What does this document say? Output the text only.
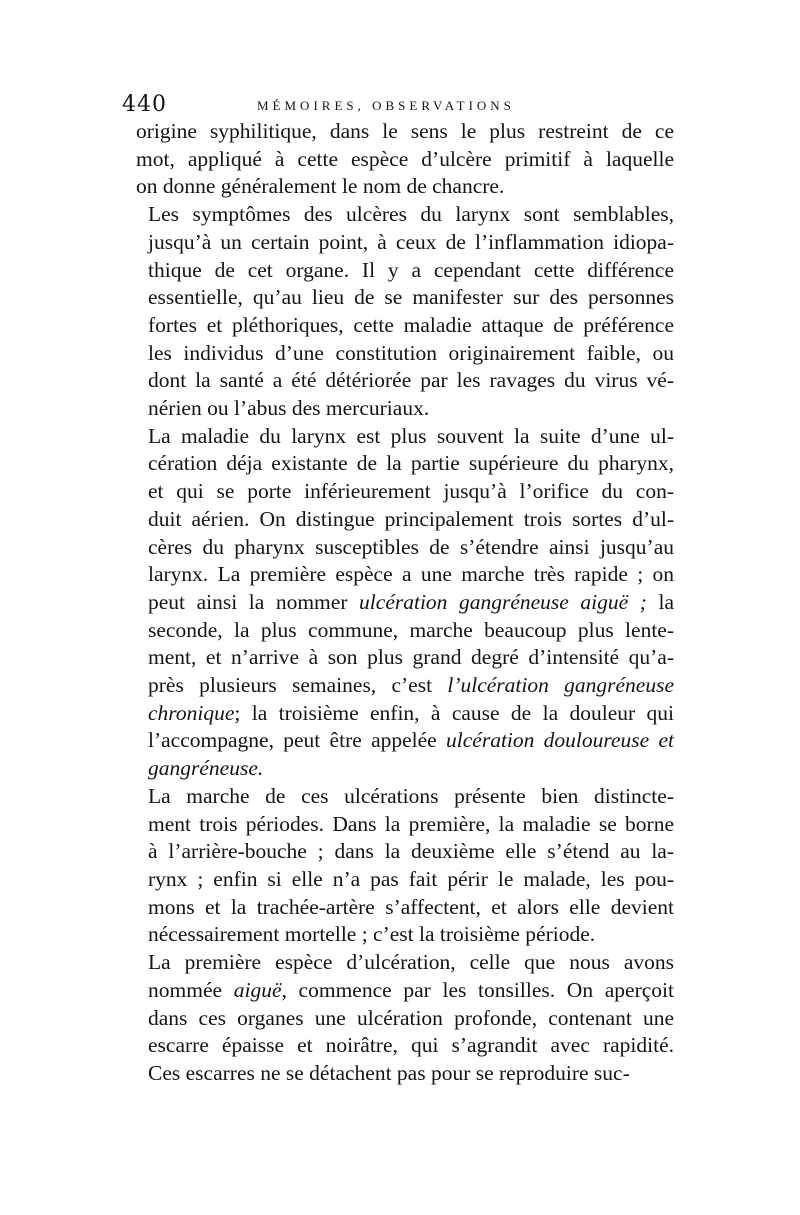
440	MÉMOIRES, OBSERVATIONS

origine syphilitique, dans le sens le plus restreint de ce
mot, appliqué à cette espèce d’ulcère primitif à laquelle
on donne généralement le nom de chancre.

Les symptômes des ulcères du larynx sont semblables,
jusqu’à un certain point, à ceux de l’inflammation idiopa-
thique de cet organe. Il y a cependant cette différence
essentielle, qu’au lieu de se manifester sur des personnes
fortes et pléthoriques, cette maladie attaque de préférence
les individus d’une constitution originairement faible, ou
dont la santé a été détériorée par les ravages du virus vé-
nérien ou l’abus des mercuriaux.

La maladie du larynx est plus souvent la suite d’une ul-
cération déja existante de la partie supérieure du pharynx,
et qui se porte inférieurement jusqu’à l’orifice du con-
duit aérien. On distingue principalement trois sortes d’ul-
cères du pharynx susceptibles de s’étendre ainsi jusqu’au
larynx. La première espèce a une marche très rapide ; on
peut ainsi la nommer ulcération gangréneuse aiguë ; la
seconde, la plus commune, marche beaucoup plus lente-
ment, et n’arrive à son plus grand degré d’intensité qu’a-
près plusieurs semaines, c’est l’ulcération gangréneuse
chronique; la troisième enfin, à cause de la douleur qui
l’accompagne, peut être appelée ulcération douloureuse et
gangréneuse.

La marche de ces ulcérations présente bien distincte-
ment trois périodes. Dans la première, la maladie se borne
à l’arrière-bouche ; dans la deuxième elle s’étend au la-
rynx ; enfin si elle n’a pas fait périr le malade, les pou-
mons et la trachée-artère s’affectent, et alors elle devient
nécessairement mortelle ; c’est la troisième période.

La première espèce d’ulcération, celle que nous avons
nommée aiguë, commence par les tonsilles. On aperçoit
dans ces organes une ulcération profonde, contenant une
escarre épaisse et noirâtre, qui s’agrandit avec rapidité.
Ces escarres ne se détachent pas pour se reproduire suc-
